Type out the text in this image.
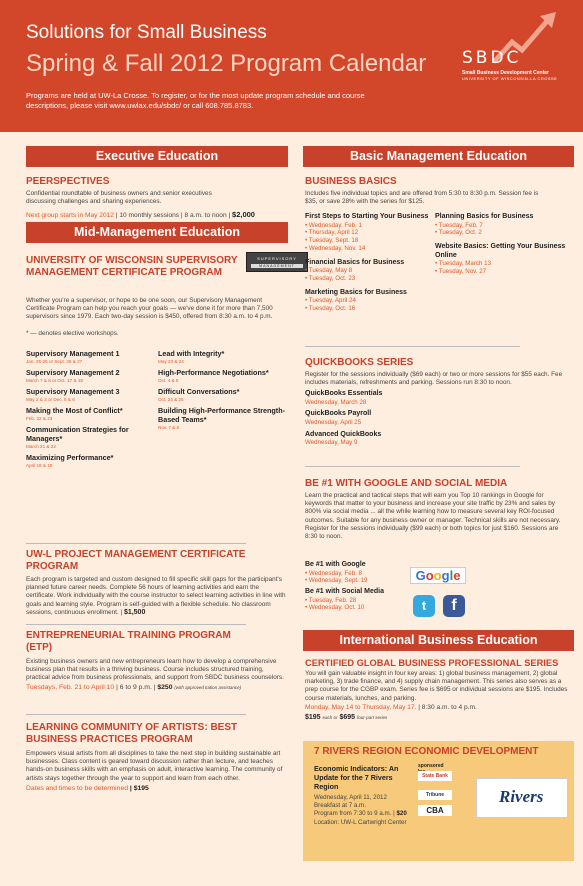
Solutions for Small Business
Spring & Fall 2012 Program Calendar
Programs are held at UW-La Crosse. To register, or for the most update program schedule and course descriptions, please visit www.uwlax.edu/sbdc/ or call 608.785.8783.
SBDC
Small Business Development Center
UNIVERSITY OF WISCONSIN-LA CROSSE
Executive Education
PEERSPECTIVES
Confidential roundtable of business owners and senior executives discussing challenges and sharing experiences.
Next group starts in May 2012 | 10 monthly sessions | 8 a.m. to noon | $2,000
Mid-Management Education
UNIVERSITY OF WISCONSIN SUPERVISORY MANAGEMENT CERTIFICATE PROGRAM
SUPERVISORY
MANAGEMENT
Whether you're a supervisor, or hope to be one soon, our Supervisory Management Certificate Program can help you reach your goals — we've done it for more than 7,500 supervisors since 1979. Each two-day session is $450, offered from 8:30 a.m. to 4 p.m.
* — denotes elective workshops.
Supervisory Management 1
Jan. 25-26 or Sept. 26 & 27
Supervisory Management 2
March 7 & 8 or Oct. 17 & 18
Supervisory Management 3
May 2 & 3 or Dec. 5 & 6
Making the Most of Conflict*
Feb. 22 & 23
Communication Strategies for Managers*
March 21 & 22
Maximizing Performance*
April 18 & 19
Lead with Integrity*
May 23 & 24
High-Performance Negotiations*
Oct. 4 & 5
Difficult Conversations*
Oct. 24 & 25
Building High-Performance Strength-Based Teams*
Nov. 7 & 8
UW-L PROJECT MANAGEMENT CERTIFICATE PROGRAM
Each program is targeted and custom designed to fill specific skill gaps for the participant's planned future career needs. Complete 56 hours of learning activities and earn the certificate. Work individually with the course instructor to select learning activities in line with goals and learning style. Program is self-guided with a flexible schedule. No classroom sessions, continuous enrollment. | $1,500
ENTREPRENEURIAL TRAINING PROGRAM (ETP)
Existing business owners and new entrepreneurs learn how to develop a comprehensive business plan that results in a thriving business. Course includes structured training, practical advice from business professionals, and support from SBDC business counselors.
Tuesdays, Feb. 21 to April 10 | 6 to 9 p.m. | $250 (with approved tuition assistance)
LEARNING COMMUNITY OF ARTISTS: BEST BUSINESS PRACTICES PROGRAM
Empowers visual artists from all disciplines to take the next step in building sustainable art businesses. Class content is geared toward discussion rather than lecture, and teaches hands-on business skills with an emphasis on adult, interactive learning. The community of artists stays together through the year to support and learn from each other.
Dates and times to be determined | $195
Basic Management Education
BUSINESS BASICS
Includes five individual topics and are offered from 5:30 to 8:30 p.m. Session fee is $35, or save 28% with the series for $125.
First Steps to Starting Your Business
• Wednesday, Feb. 1
• Thursday, April 12
• Tuesday, Sept. 18
• Wednesday, Nov. 14
Financial Basics for Business
• Tuesday, May 8
• Tuesday, Oct. 23
Marketing Basics for Business
• Tuesday, April 24
• Tuesday, Oct. 16
Planning Basics for Business
• Tuesday, Feb. 7
• Tuesday, Oct. 2
Website Basics: Getting Your Business Online
• Tuesday, March 13
• Tuesday, Nov. 27
QUICKBOOKS SERIES
Register for the sessions individually ($69 each) or two or more sessions for $55 each. Fee includes materials, refreshments and parking. Sessions run 8:30 to noon.
QuickBooks Essentials
Wednesday, March 28
QuickBooks Payroll
Wednesday, April 25
Advanced QuickBooks
Wednesday, May 9
BE #1 WITH GOOGLE AND SOCIAL MEDIA
Learn the practical and tactical steps that will earn you Top 10 rankings in Google for keywords that matter to your business and increase your site traffic by 23% and sales by 800% via social media ... all the while learning how to measure several key ROI-focused outcomes. Suitable for any business owner or manager. Technical skills are not necessary. Register for the sessions individually ($99 each) or both topics for just $160. Sessions are 8:30 to noon.
Be #1 with Google
• Wednesday, Feb. 8
• Wednesday, Sept. 19
Be #1 with Social Media
• Tuesday, Feb. 28
• Wednesday, Oct. 10
Google
t	f
International Business Education
CERTIFIED GLOBAL BUSINESS PROFESSIONAL SERIES
You will gain valuable insight in four key areas: 1) global business management, 2) global marketing, 3) trade finance, and 4) supply chain management. This series also serves as a prep course for the CGBP exam. Series fee is $695 or individual sessions are $195. Includes course materials, lunches, and parking.
Monday, May 14 to Thursday, May 17. | 8:30 a.m. to 4 p.m.
$195 each or $695 four-part series
7 RIVERS REGION ECONOMIC DEVELOPMENT
Economic Indicators: An Update for the 7 Rivers Region
Wednesday, April 11, 2012
Breakfast at 7 a.m.
Program from 7:30 to 9 a.m. | $20
Location: UW-L Cartwright Center
sponsored
State Bank
Tribune
CBA
Rivers
